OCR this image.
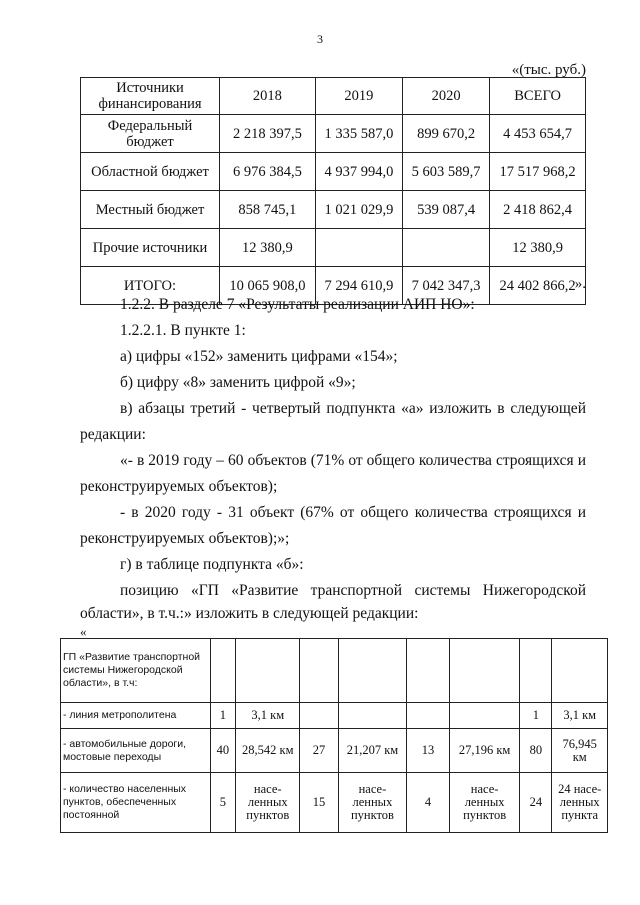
3
«(тыс. руб.)
Источники финансирования	2018	2019	2020	ВСЕГО
Федеральный бюджет	2 218 397,5	1 335 587,0	899 670,2	4 453 654,7
Областной бюджет	6 976 384,5	4 937 994,0	5 603 589,7	17 517 968,2
Местный бюджет	858 745,1	1 021 029,9	539 087,4	2 418 862,4
Прочие источники	12 380,9			12 380,9
ИТОГО:	10 065 908,0	7 294 610,9	7 042 347,3	24 402 866,2 ».
1.2.2. В разделе 7 «Результаты реализации АИП НО»:
1.2.2.1. В пункте 1:
а) цифры «152» заменить цифрами «154»;
б) цифру «8» заменить цифрой «9»;
в) абзацы третий - четвертый подпункта «а» изложить в следующей
редакции:
«- в 2019 году – 60 объектов (71% от общего количества строящихся и
реконструируемых объектов);
- в 2020 году - 31 объект (67% от общего количества строящихся и
реконструируемых объектов);»;
г) в таблице подпункта «б»:
позицию «ГП «Развитие транспортной системы Нижегородской
области», в т.ч.:» изложить в следующей редакции:
«
ГП «Развитие транспортной системы Нижегородской области», в т.ч:								
- линия метрополитена	1	3,1 км					1	3,1 км
- автомобильные дороги, мостовые переходы	40	28,542 км	27	21,207 км	13	27,196 км	80	76,945 км
- количество населенных пунктов, обеспеченных постоянной	5	насе-ленных пунктов	15	насе-ленных пунктов	4	насе-ленных пунктов	24	24 насе-ленных пункта
